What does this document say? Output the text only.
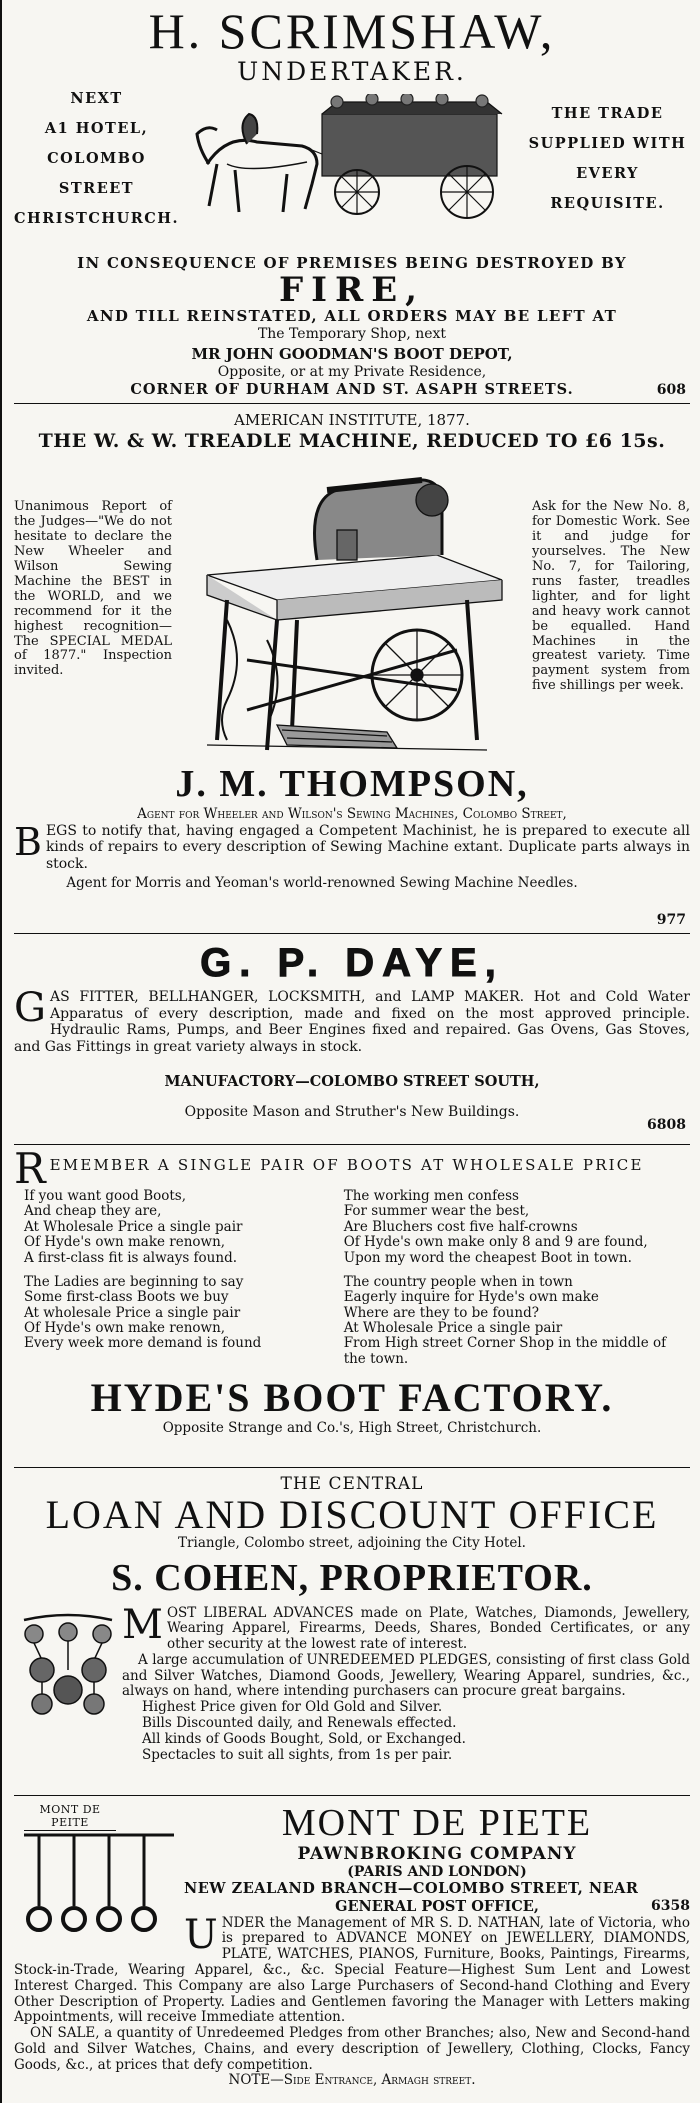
H. SCRIMSHAW,
UNDERTAKER.
NEXT
A1 HOTEL,
COLOMBO STREET
CHRISTCHURCH.
THE TRADE
SUPPLIED WITH
EVERY
REQUISITE.
IN CONSEQUENCE OF PREMISES BEING DESTROYED BY
FIRE,
AND TILL REINSTATED, ALL ORDERS MAY BE LEFT AT
The Temporary Shop, next
MR JOHN GOODMAN'S BOOT DEPOT,
Opposite, or at my Private Residence,
CORNER OF DURHAM AND ST. ASAPH STREETS.	608
AMERICAN INSTITUTE, 1877.
THE W. & W. TREADLE MACHINE, REDUCED TO £6 15s.
Unanimous Report of the Judges—"We do not hesitate to declare the New Wheeler and Wilson Sewing Machine the BEST in the WORLD, and we recommend for it the highest recognition—The SPECIAL MEDAL of 1877." Inspection invited.
Ask for the New No. 8, for Domestic Work. See it and judge for yourselves. The New No. 7, for Tailoring, runs faster, treadles lighter, and for light and heavy work cannot be equalled. Hand Machines in the greatest variety. Time payment system from five shillings per week.
J. M. THOMPSON,
Agent for Wheeler and Wilson's Sewing Machines, Colombo Street,
B EGS to notify that, having engaged a Competent Machinist, he is prepared to execute all kinds of repairs to every description of Sewing Machine extant. Duplicate parts always in stock.
Agent for Morris and Yeoman's world-renowned Sewing Machine Needles.
977
G. P. DAYE,
G AS FITTER, BELLHANGER, LOCKSMITH, and LAMP MAKER. Hot and Cold Water Apparatus of every description, made and fixed on the most approved principle. Hydraulic Rams, Pumps, and Beer Engines fixed and repaired. Gas Ovens, Gas Stoves, and Gas Fittings in great variety always in stock.
MANUFACTORY—COLOMBO STREET SOUTH,
Opposite Mason and Struther's New Buildings.
6808
R EMEMBER A SINGLE PAIR OF BOOTS AT WHOLESALE PRICE
If you want good Boots,
And cheap they are,
At Wholesale Price a single pair
Of Hyde's own make renown,
A first-class fit is always found.
The Ladies are beginning to say
Some first-class Boots we buy
At wholesale Price a single pair
Of Hyde's own make renown,
Every week more demand is found
The working men confess
For summer wear the best,
Are Bluchers cost five half-crowns
Of Hyde's own make only 8 and 9 are found,
Upon my word the cheapest Boot in town.
The country people when in town
Eagerly inquire for Hyde's own make
Where are they to be found?
At Wholesale Price a single pair
From High street Corner Shop in the middle of the town.
HYDE'S BOOT FACTORY.
Opposite Strange and Co.'s, High Street, Christchurch.
THE CENTRAL
LOAN AND DISCOUNT OFFICE
Triangle, Colombo street, adjoining the City Hotel.
S. COHEN, PROPRIETOR.

M OST LIBERAL ADVANCES made on Plate, Watches, Diamonds, Jewellery, Wearing Apparel, Firearms, Deeds, Shares, Bonded Certificates, or any other security at the lowest rate of interest.

A large accumulation of UNREDEEMED PLEDGES, consisting of first class Gold and Silver Watches, Diamond Goods, Jewellery, Wearing Apparel, sundries, &c., always on hand, where intending purchasers can procure great bargains.

Highest Price given for Old Gold and Silver.
Bills Discounted daily, and Renewals effected.
All kinds of Goods Bought, Sold, or Exchanged.
Spectacles to suit all sights, from 1s per pair.
MONT DE PEITE	MONT DE PIETE
PAWNBROKING COMPANY
(PARIS AND LONDON)
NEW ZEALAND BRANCH—COLOMBO STREET, NEAR
GENERAL POST OFFICE,	6358

U NDER the Management of MR S. D. NATHAN, late of Victoria, who is prepared to ADVANCE MONEY on JEWELLERY, DIAMONDS, PLATE, WATCHES, PIANOS, Furniture, Books, Paintings, Firearms, Stock-in-Trade, Wearing Apparel, &c., &c. Special Feature—Highest Sum Lent and Lowest Interest Charged. This Company are also Large Purchasers of Second-hand Clothing and Every Other Description of Property. Ladies and Gentlemen favoring the Manager with Letters making Appointments, will receive Immediate attention.

ON SALE, a quantity of Unredeemed Pledges from other Branches; also, New and Second-hand Gold and Silver Watches, Chains, and every description of Jewellery, Clothing, Clocks, Fancy Goods, &c., at prices that defy competition.

NOTE—Side Entrance, Armagh street.
